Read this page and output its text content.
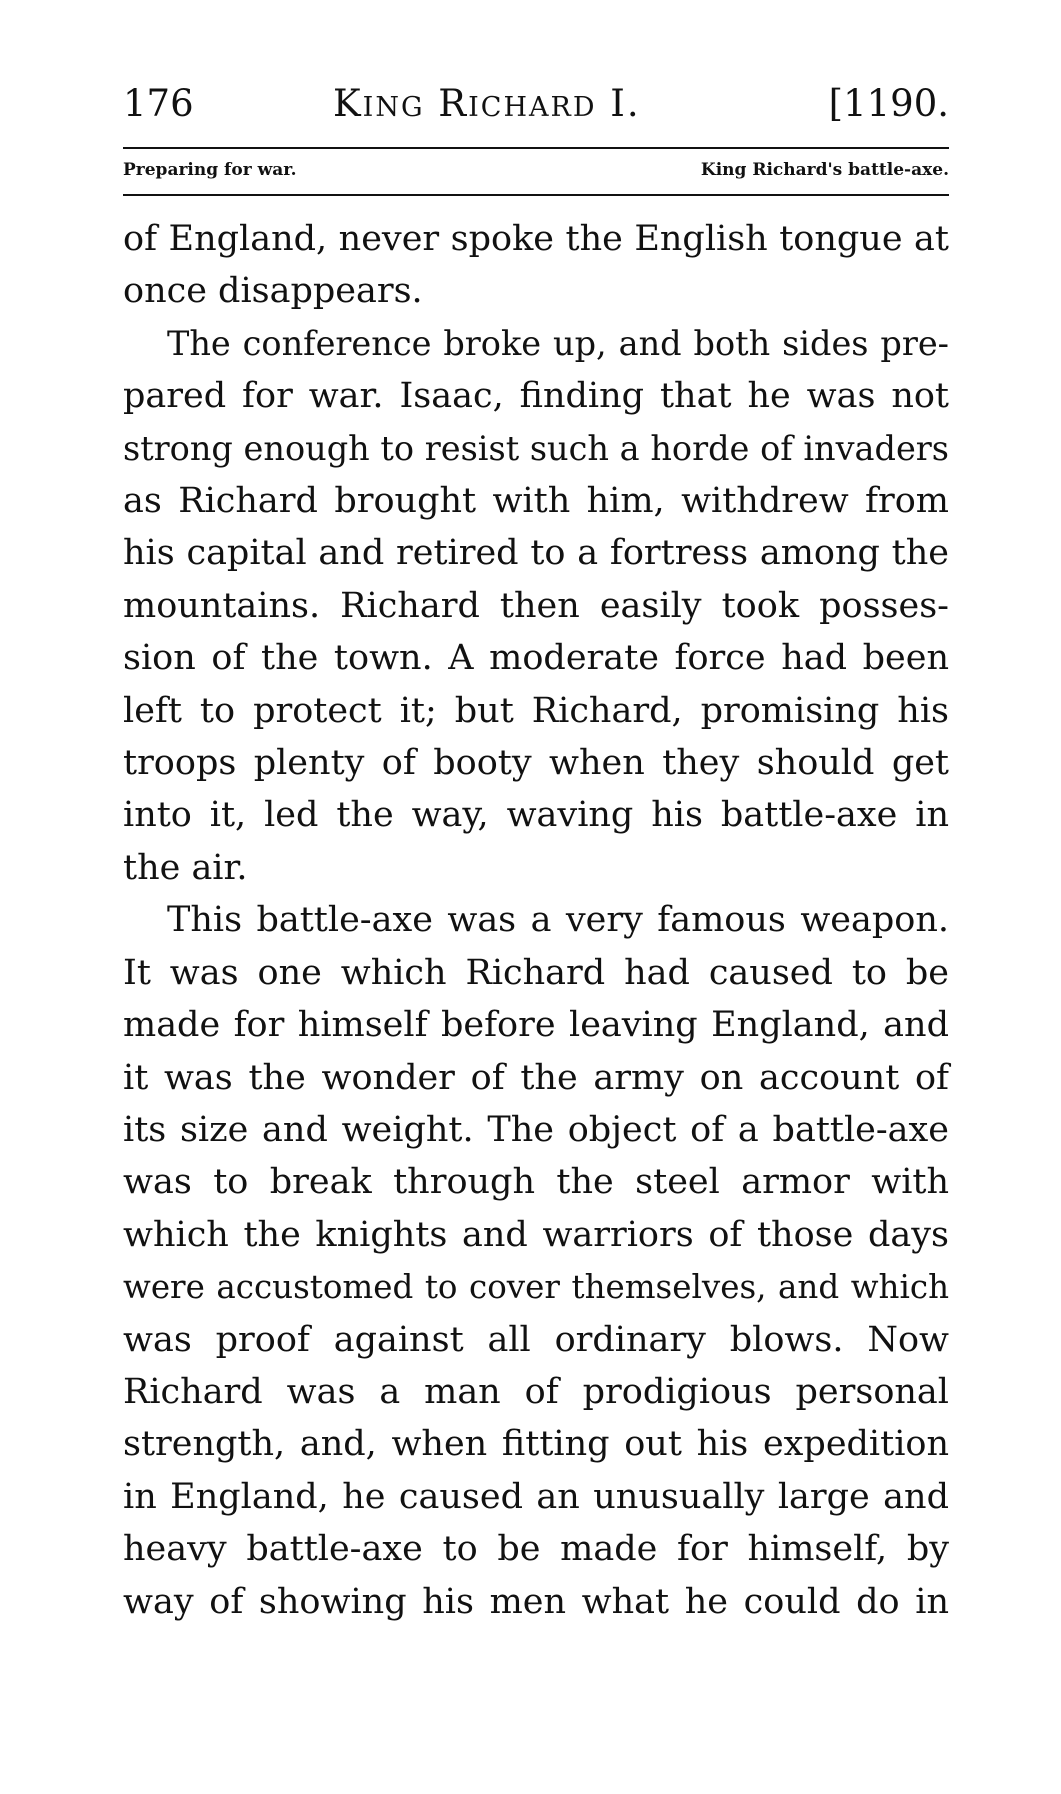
176	KING RICHARD I.	[1190.
Preparing for war.	King Richard's battle-axe.
of England, never spoke the English tongue at
once disappears.
The conference broke up, and both sides pre-
pared for war. Isaac, finding that he was not
strong enough to resist such a horde of invaders
as Richard brought with him, withdrew from
his capital and retired to a fortress among the
mountains. Richard then easily took posses-
sion of the town. A moderate force had been
left to protect it; but Richard, promising his
troops plenty of booty when they should get
into it, led the way, waving his battle-axe in
the air.
This battle-axe was a very famous weapon.
It was one which Richard had caused to be
made for himself before leaving England, and
it was the wonder of the army on account of
its size and weight. The object of a battle-axe
was to break through the steel armor with
which the knights and warriors of those days
were accustomed to cover themselves, and which
was proof against all ordinary blows. Now
Richard was a man of prodigious personal
strength, and, when fitting out his expedition
in England, he caused an unusually large and
heavy battle-axe to be made for himself, by
way of showing his men what he could do in
